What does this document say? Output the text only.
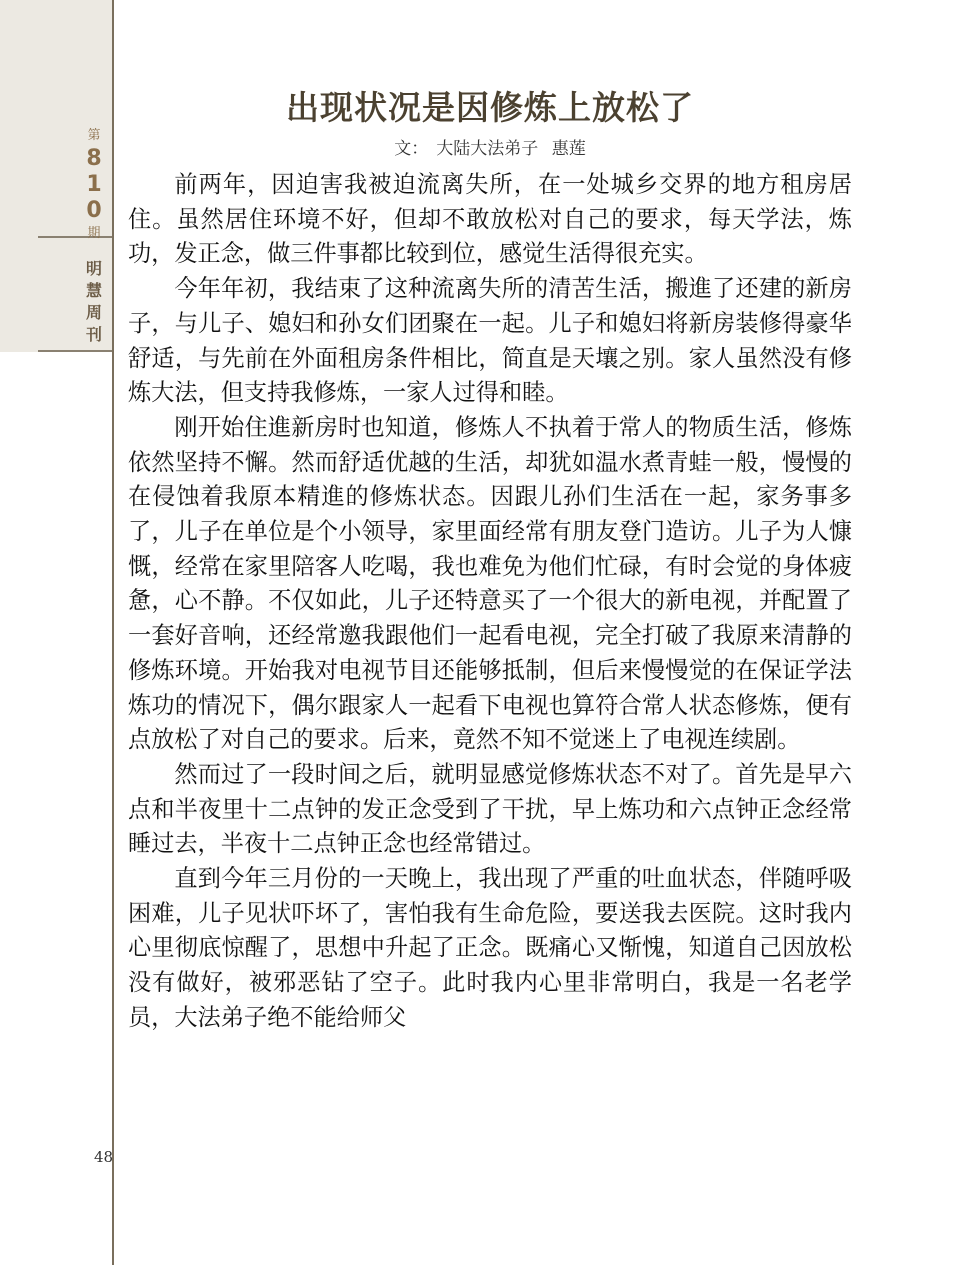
第
8
1
0
期
明
慧
周
刊
出现状况是因修炼上放松了
文： 大陆大法弟子 惠莲

前两年，因迫害我被迫流离失所，在一处城乡交界的地方租房居住。虽然居住环境不好，但却不敢放松对自己的要求，每天学法，炼功，发正念，做三件事都比较到位，感觉生活得很充实。

今年年初，我结束了这种流离失所的清苦生活，搬進了还建的新房子，与儿子、媳妇和孙女们团聚在一起。儿子和媳妇将新房装修得豪华舒适，与先前在外面租房条件相比，简直是天壤之别。家人虽然没有修炼大法，但支持我修炼，一家人过得和睦。

刚开始住進新房时也知道，修炼人不执着于常人的物质生活，修炼依然坚持不懈。然而舒适优越的生活，却犹如温水煮青蛙一般，慢慢的在侵蚀着我原本精進的修炼状态。因跟儿孙们生活在一起，家务事多了，儿子在单位是个小领导，家里面经常有朋友登门造访。儿子为人慷慨，经常在家里陪客人吃喝，我也难免为他们忙碌，有时会觉的身体疲惫，心不静。不仅如此，儿子还特意买了一个很大的新电视，并配置了一套好音响，还经常邀我跟他们一起看电视，完全打破了我原来清静的修炼环境。开始我对电视节目还能够抵制，但后来慢慢觉的在保证学法炼功的情况下，偶尔跟家人一起看下电视也算符合常人状态修炼，便有点放松了对自己的要求。后来，竟然不知不觉迷上了电视连续剧。

然而过了一段时间之后，就明显感觉修炼状态不对了。首先是早六点和半夜里十二点钟的发正念受到了干扰，早上炼功和六点钟正念经常睡过去，半夜十二点钟正念也经常错过。

直到今年三月份的一天晚上，我出现了严重的吐血状态，伴随呼吸困难，儿子见状吓坏了，害怕我有生命危险，要送我去医院。这时我内心里彻底惊醒了，思想中升起了正念。既痛心又惭愧，知道自己因放松没有做好，被邪恶钻了空子。此时我内心里非常明白，我是一名老学员，大法弟子绝不能给师父

48
